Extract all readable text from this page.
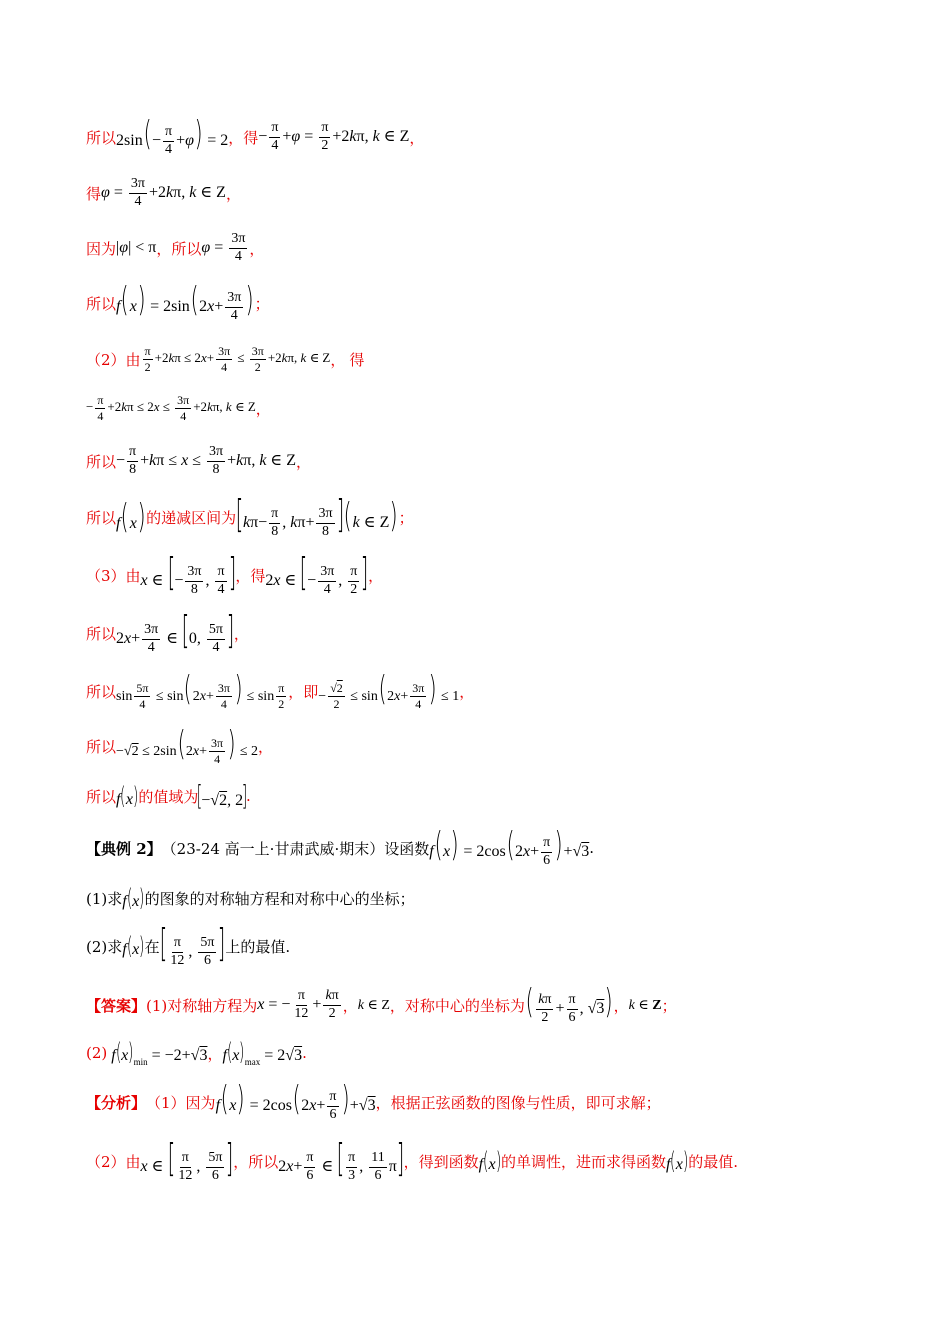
所以 $2\sin(- \frac{\pi}{4} +\varphi) = 2$ ， 得 − $\frac{\pi}{4} +\varphi = \frac{\pi}{2} +2k\pi$, k ∈ Z ，
得 $\varphi = \frac{3\pi}{4} +2k\pi$, k ∈ Z ，
因为 |φ| < π ， 所以 $\varphi = \frac{3\pi}{4}$ ，
所以 $f(x) = 2\sin(2x+ \frac{3\pi}{4}$ ) ；
（2）由 $\frac{\pi}{2} +2k\pi \le 2x+ \frac{3\pi}{4} \le \frac{3\pi}{2} +2k\pi$, k ∈ Z ， 得
− $\frac{\pi}{4} +2k\pi \le 2x \le \frac{3\pi}{4} +2k\pi$, k ∈ Z ，
所以 − $\frac{\pi}{8} +k\pi \le x \le \frac{3\pi}{8} +k\pi$, k ∈ Z ，
所以 f(x) 的递减区间为 [$k\pi- \frac{\pi}{8}$ , $k\pi+ \frac{3\pi}{8} ](k$ ∈ Z) ；
（3）由 x ∈ [− $\frac{3\pi}{8}$ , $\frac{\pi}{4}$ ] ， 得 2x ∈ [− $\frac{3\pi}{4}$ , $\frac{\pi}{2}$ ] ，
所以 $2x+ \frac{3\pi}{4}$ ∈ [0, $\frac{5\pi}{4}$ ] ，
所以 $\sin \frac{5\pi}{4} \le \sin(2x+ \frac{3\pi}{4}$ ) ≤ $\sin \frac{\pi}{2}$ ， 即 − $\frac{√2}{2} \le \sin(2x+ \frac{3\pi}{4}$ ) ≤ 1 ，
所以 $-√2 \le 2\sin(2x+ \frac{3\pi}{4}$ ) ≤ 2 ，
所以 f(x) 的值域为
[−√2, 2]
.
【典例 2】 （23-24 高一上·甘肃武威·期末）设函数 $f(x) = 2\cos(2x+ \frac{\pi}{6} )+√3$ .
(1)求 f(x) 的图象的对称轴方程和对称中心的坐标；
(2)求 f(x) 在 [ $\frac{\pi}{12}$ , $\frac{5\pi}{6}$ ] 上的最值.
【答案】 (1)对称轴方程为 x = − $\frac{\pi}{12} + \frac{k\pi}{2}$ ， k ∈ Z ，对称中心的坐标为 ( $\frac{k\pi}{2} + \frac{\pi}{6}$ , √3) ， k ∈ Z ；
(2) $f(x)_{min} = -2+√3$ ， $f(x)_{max} = 2√3$ .
【分析】 （1）因为 $f(x) = 2\cos(2x+ \frac{\pi}{6} )+√3$ ，根据正弦函数的图像与性质，即可求解；
（2）由 x ∈ [ $\frac{\pi}{12}$ , $\frac{5\pi}{6}$ ] ，所以 $2x+ \frac{\pi}{6}$ ∈ [ $\frac{\pi}{3}$ , $\frac{11}{6} \pi$] ，得到函数 f(x) 的单调性，进而求得函数 f(x) 的最值.
